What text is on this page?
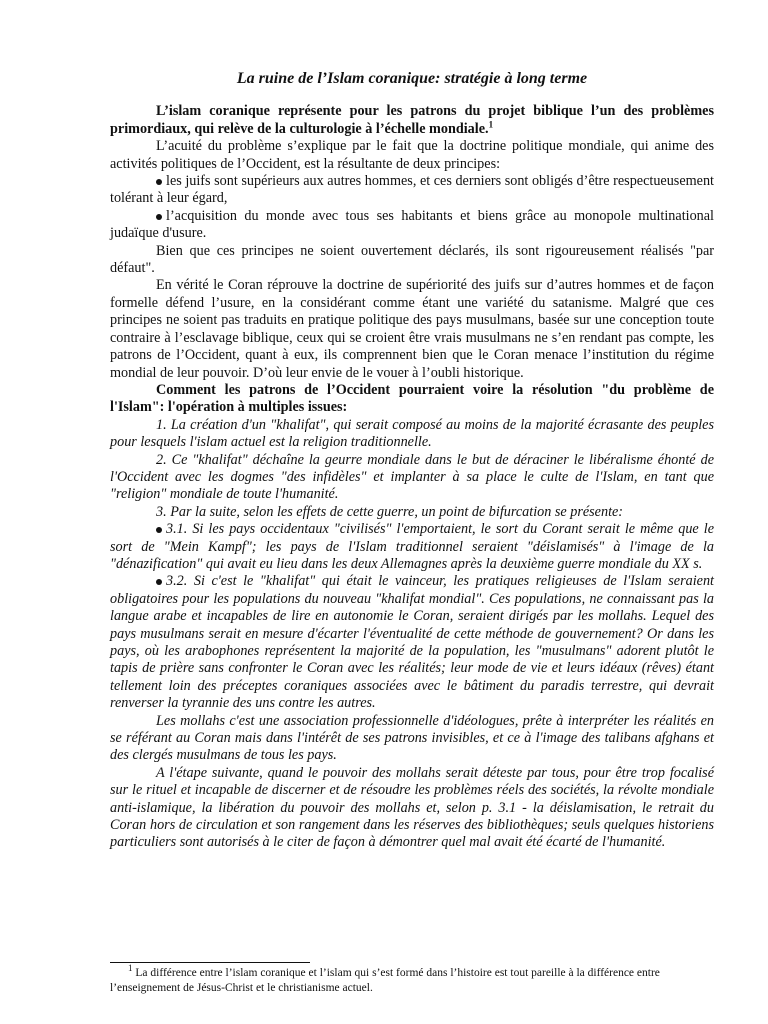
La ruine de l’Islam coranique: stratégie à long terme

L’islam coranique représente pour les patrons du projet biblique l’un des problèmes primordiaux, qui relève de la culturologie à l’échelle mondiale.$^1$

L’acuité du problème s’explique par le fait que la doctrine politique mondiale, qui anime des activités politiques de l’Occident, est la résultante de deux principes:

les juifs sont supérieurs aux autres hommes, et ces derniers sont obligés d’être respectueusement tolérant à leur égard,

l’acquisition du monde avec tous ses habitants et biens grâce au monopole multinational judaïque d'usure.

Bien que ces principes ne soient ouvertement déclarés, ils sont rigoureusement réalisés "par défaut".

En vérité le Coran réprouve la doctrine de supériorité des juifs sur d’autres hommes et de façon formelle défend l’usure, en la considérant comme étant une variété du satanisme. Malgré que ces principes ne soient pas traduits en pratique politique des pays musulmans, basée sur une conception toute contraire à l’esclavage biblique, ceux qui se croient être vrais musulmans ne s’en rendant pas compte, les patrons de l’Occident, quant à eux, ils comprennent bien que le Coran menace l’institution du régime mondial de leur pouvoir. D’où leur envie de le vouer à l’oubli historique.

Comment les patrons de l’Occident pourraient voire la résolution "du problème de l'Islam": l'opération à multiples issues:

1. La création d'un "khalifat", qui serait composé au moins de la majorité écrasante des peuples pour lesquels l'islam actuel est la religion traditionnelle.

2. Ce "khalifat" déchaîne la geurre mondiale dans le but de déraciner le libéralisme éhonté de l'Occident avec les dogmes "des infidèles" et implanter à sa place le culte de l'Islam, en tant que "religion" mondiale de toute l'humanité.

3. Par la suite, selon les effets de cette guerre, un point de bifurcation se présente:

3.1. Si les pays occidentaux "civilisés" l'emportaient, le sort du Corant serait le même que le sort de "Mein Kampf"; les pays de l'Islam traditionnel seraient "déislamisés" à l'image de la "dénazification" qui avait eu lieu dans les deux Allemagnes après la deuxième guerre mondiale du XX s.

3.2. Si c'est le "khalifat" qui était le vainceur, les pratiques religieuses de l'Islam seraient obligatoires pour les populations du nouveau "khalifat mondial". Ces populations, ne connaissant pas la langue arabe et incapables de lire en autonomie le Coran, seraient dirigés par les mollahs. Lequel des pays musulmans serait en mesure d'écarter l'éventualité de cette méthode de gouvernement? Or dans les pays, où les arabophones représentent la majorité de la population, les "musulmans" adorent plutôt le tapis de prière sans confronter le Coran avec les réalités; leur mode de vie et leurs idéaux (rêves) étant tellement loin des préceptes coraniques associées avec le bâtiment du paradis terrestre, qui devrait renverser la tyrannie des uns contre les autres.

Les mollahs c'est une association professionnelle d'idéologues, prête à interpréter les réalités en se référant au Coran mais dans l'intérêt de ses patrons invisibles, et ce à l'image des talibans afghans et des clergés musulmans de tous les pays.

A l'étape suivante, quand le pouvoir des mollahs serait déteste par tous, pour être trop focalisé sur le rituel et incapable de discerner et de résoudre les problèmes réels des sociétés, la révolte mondiale anti-islamique, la libération du pouvoir des mollahs et, selon p. 3.1 - la déislamisation, le retrait du Coran hors de circulation et son rangement dans les réserves des bibliothèques; seuls quelques historiens particuliers sont autorisés à le citer de façon à démontrer quel mal avait été écarté de l'humanité.

$^1$ La différence entre l’islam coranique et l’islam qui s’est formé dans l’histoire est tout pareille à la différence entre l’enseignement de Jésus-Christ et le christianisme actuel.
